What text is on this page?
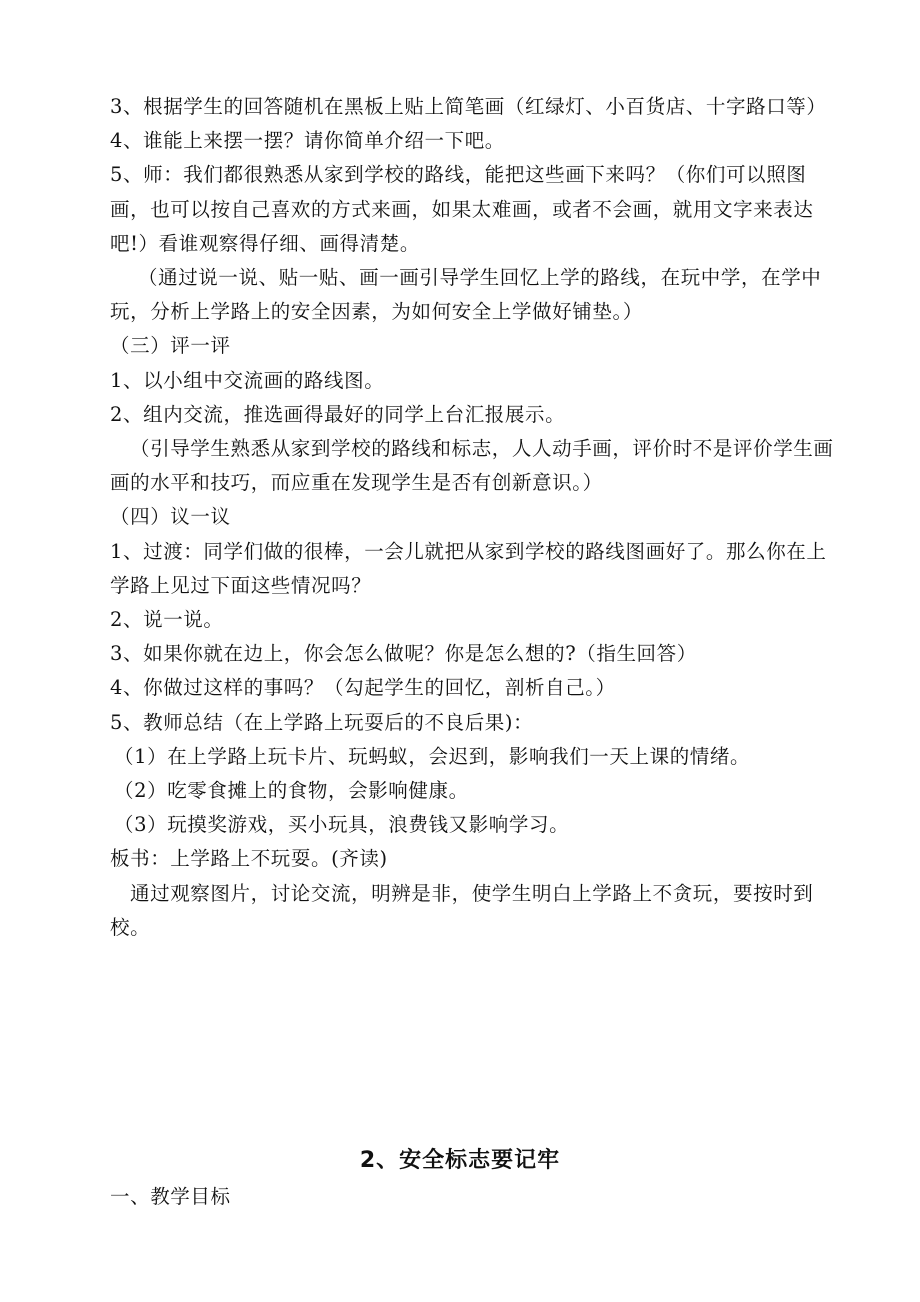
3、根据学生的回答随机在黑板上贴上简笔画（红绿灯、小百货店、十字路口等）

4、谁能上来摆一摆？请你简单介绍一下吧。

5、师：我们都很熟悉从家到学校的路线，能把这些画下来吗？（你们可以照图画，也可以按自己喜欢的方式来画，如果太难画，或者不会画，就用文字来表达吧!）看谁观察得仔细、画得清楚。

（通过说一说、贴一贴、画一画引导学生回忆上学的路线，在玩中学，在学中玩，分析上学路上的安全因素，为如何安全上学做好铺垫。）

（三）评一评

1、以小组中交流画的路线图。

2、组内交流，推选画得最好的同学上台汇报展示。

（引导学生熟悉从家到学校的路线和标志，人人动手画，评价时不是评价学生画画的水平和技巧，而应重在发现学生是否有创新意识。）

（四）议一议

1、过渡：同学们做的很棒，一会儿就把从家到学校的路线图画好了。那么你在上学路上见过下面这些情况吗？

2、说一说。

3、如果你就在边上，你会怎么做呢？你是怎么想的?（指生回答）

4、你做过这样的事吗？（勾起学生的回忆，剖析自己。）

5、教师总结（在上学路上玩耍后的不良后果)：

（1）在上学路上玩卡片、玩蚂蚁，会迟到，影响我们一天上课的情绪。

（2）吃零食摊上的食物，会影响健康。

（3）玩摸奖游戏，买小玩具，浪费钱又影响学习。

板书：上学路上不玩耍。(齐读)

通过观察图片，讨论交流，明辨是非，使学生明白上学路上不贪玩，要按时到校。

2、安全标志要记牢
一、教学目标
